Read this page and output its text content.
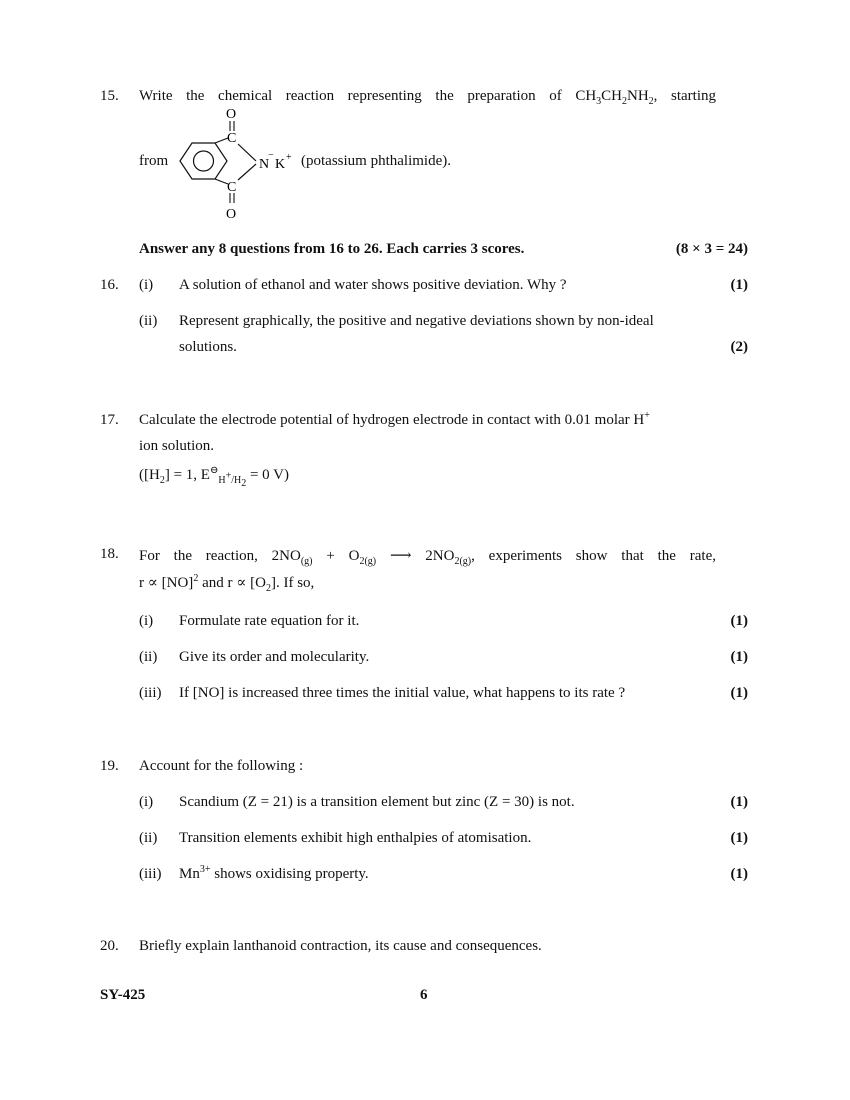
15. Write the chemical reaction representing the preparation of $CH_3CH_2NH_2$, starting
from
O
C
N
−
K +
C
O
(potassium phthalimide).
Answer any 8 questions from 16 to 26. Each carries 3 scores.	(8 × 3 = 24)
16. (i) A solution of ethanol and water shows positive deviation. Why ?	(1)
(ii) Represent graphically, the positive and negative deviations shown by non-ideal
solutions.	(2)
17. Calculate the electrode potential of hydrogen electrode in contact with 0.01 molar H+
ion solution.
($[H_2] = 1$, $E^⊖_{H^+/H_2} = 0$ V)
18. For the reaction, $2NO_{(g)} + O_{2(g)}$ ⟶ $2NO_{2(g)}$, experiments show that the rate,
r ∝ [NO]$^2$ and $r \propto [O_2]$. If so,
(i) Formulate rate equation for it.	(1)
(ii) Give its order and molecularity.	(1)
(iii) If [NO] is increased three times the initial value, what happens to its rate ?	(1)
19. Account for the following :
(i) Scandium (Z = 21) is a transition element but zinc (Z = 30) is not.	(1)
(ii) Transition elements exhibit high enthalpies of atomisation.	(1)
(iii) $Mn^{3+}$ shows oxidising property.	(1)
20. Briefly explain lanthanoid contraction, its cause and consequences.
SY-425	6
